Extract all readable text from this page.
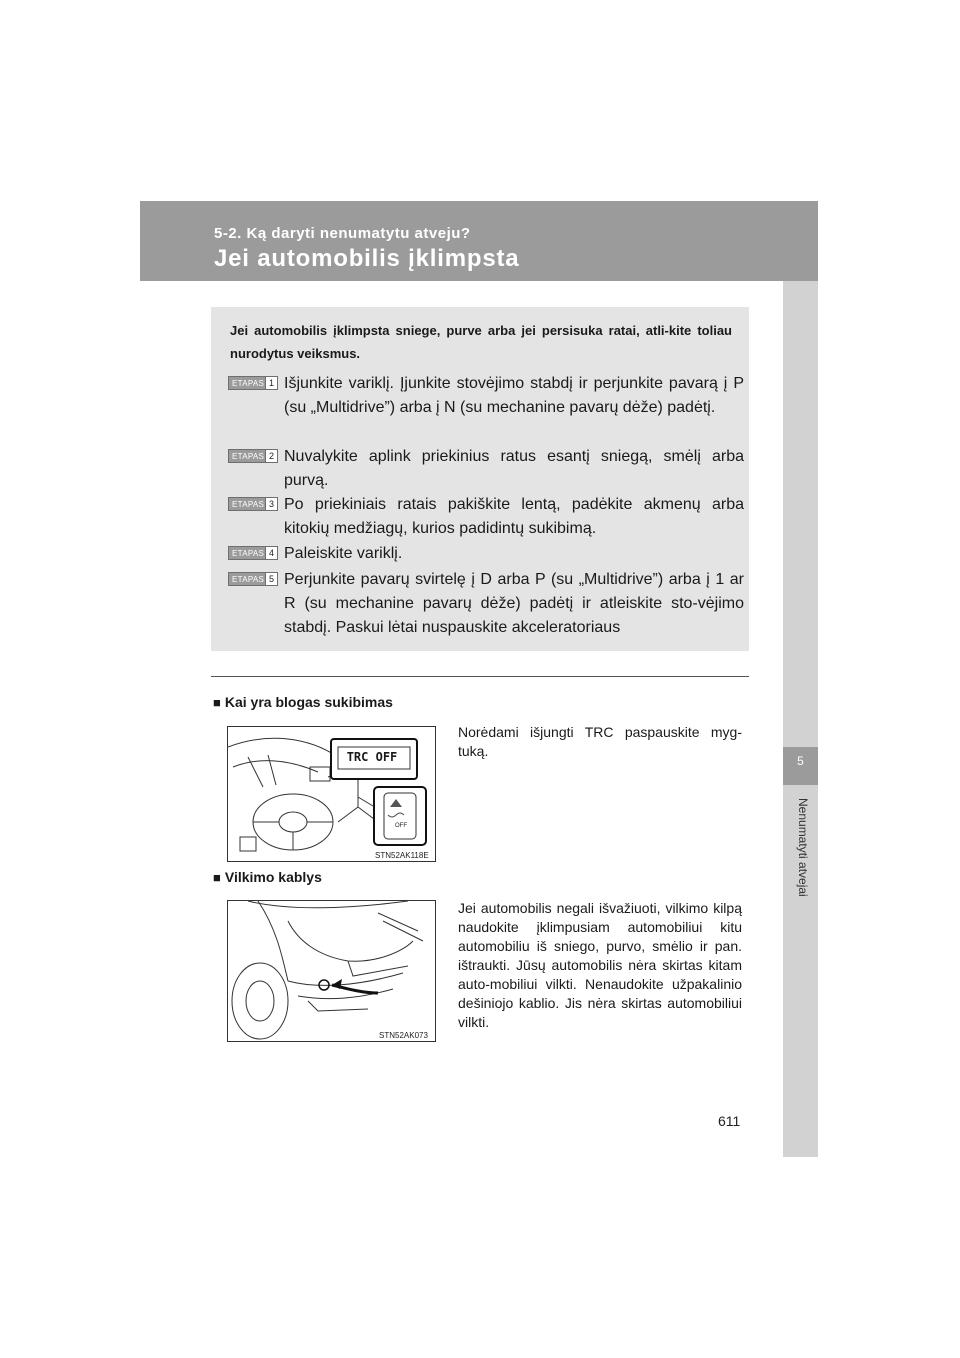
5-2. Ką daryti nenumatytu atveju?
Jei automobilis įklimpsta
5
Nenumatyti atvejai
Jei automobilis įklimpsta sniege, purve arba jei persisuka ratai, atli-kite toliau nurodytus veiksmus.
ETAPAS 1 Išjunkite variklį. Įjunkite stovėjimo stabdį ir perjunkite pavarą į P (su „Multidrive”) arba į N (su mechanine pavarų dėže) padėtį.
ETAPAS 2 Nuvalykite aplink priekinius ratus esantį sniegą, smėlį arba purvą.
ETAPAS 3 Po priekiniais ratais pakiškite lentą, padėkite akmenų arba kitokių medžiagų, kurios padidintų sukibimą.
ETAPAS 4 Paleiskite variklį.
ETAPAS 5 Perjunkite pavarų svirtelę į D arba P (su „Multidrive”) arba į 1 ar R (su mechanine pavarų dėže) padėtį ir atleiskite sto-vėjimo stabdį. Paskui lėtai nuspauskite akceleratoriaus
■ Kai yra blogas sukibimas
Norėdami išjungti TRC paspauskite myg-tuką.
TRC OFF
OFF
STN52AK118E
■ Vilkimo kablys
Jei automobilis negali išvažiuoti, vilkimo kilpą naudokite įklimpusiam automobiliui kitu automobiliu iš sniego, purvo, smėlio ir pan. ištraukti. Jūsų automobilis nėra skirtas kitam auto-mobiliui vilkti. Nenaudokite užpakalinio dešiniojo kablio. Jis nėra skirtas automobiliui vilkti.
STN52AK073
611
